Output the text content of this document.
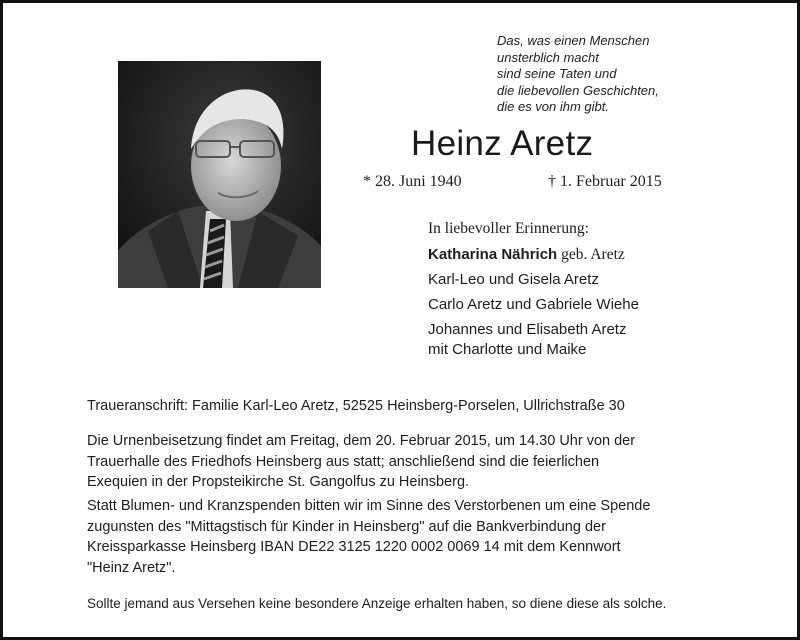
Das, was einen Menschen
unsterblich macht
sind seine Taten und
die liebevollen Geschichten,
die es von ihm gibt.
Heinz Aretz
* 28. Juni 1940	† 1. Februar 2015
In liebevoller Erinnerung:
Katharina Nährich geb. Aretz
Karl-Leo und Gisela Aretz
Carlo Aretz und Gabriele Wiehe
Johannes und Elisabeth Aretz
mit Charlotte und Maike
Traueranschrift: Familie Karl-Leo Aretz, 52525 Heinsberg-Porselen, Ullrichstraße 30
Die Urnenbeisetzung findet am Freitag, dem 20. Februar 2015, um 14.30 Uhr von der
Trauerhalle des Friedhofs Heinsberg aus statt; anschließend sind die feierlichen
Exequien in der Propsteikirche St. Gangolfus zu Heinsberg.
Statt Blumen- und Kranzspenden bitten wir im Sinne des Verstorbenen um eine Spende
zugunsten des "Mittagstisch für Kinder in Heinsberg" auf die Bankverbindung der
Kreissparkasse Heinsberg IBAN DE22 3125 1220 0002 0069 14 mit dem Kennwort
"Heinz Aretz".
Sollte jemand aus Versehen keine besondere Anzeige erhalten haben, so diene diese als solche.
